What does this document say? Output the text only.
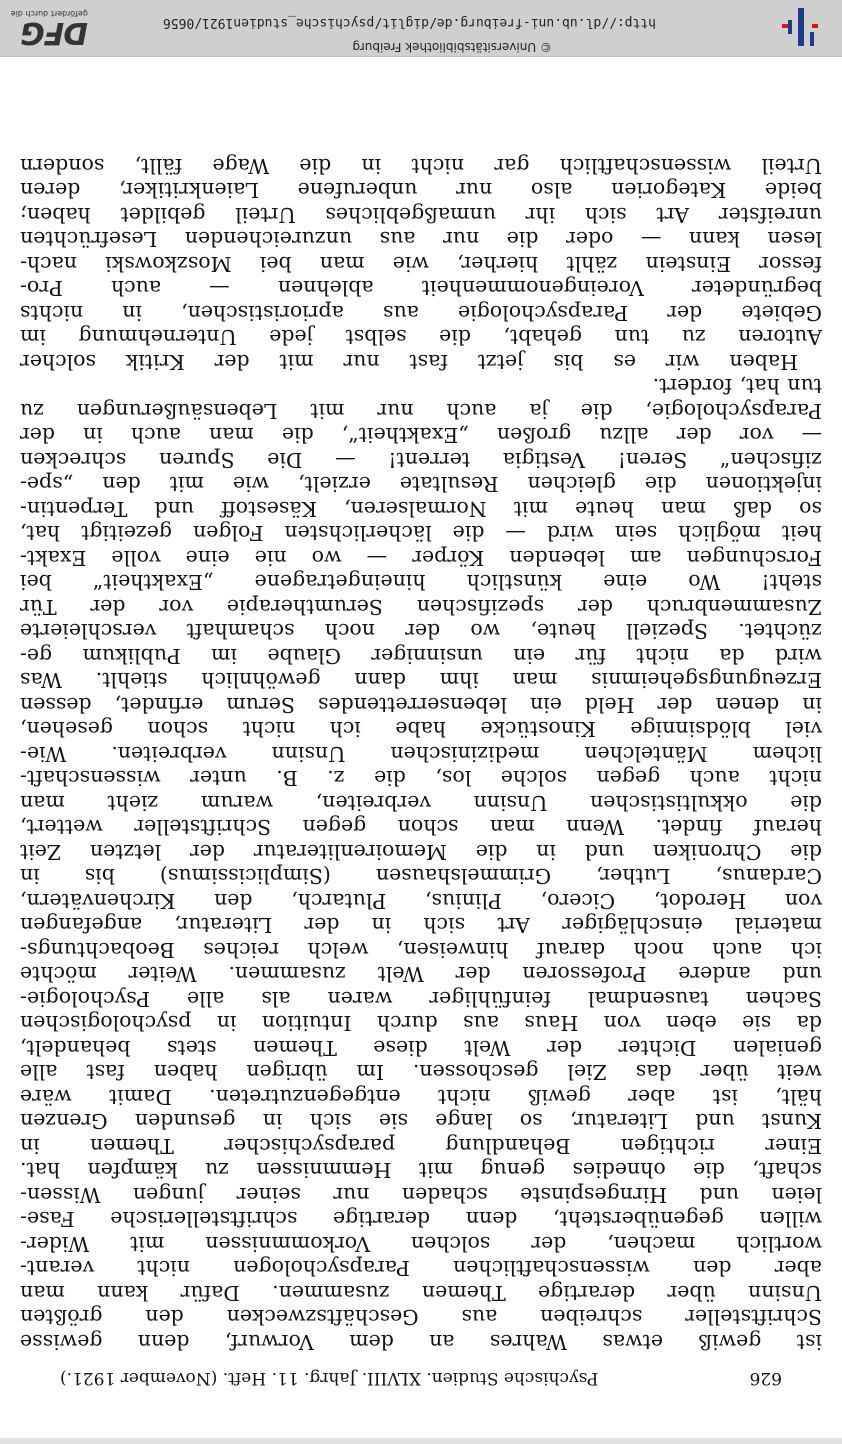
626
Psychische Studien. XLVIII. Jahrg. 11. Heft. (November 1921.)
ist gewiß etwas Wahres an dem Vorwurf, denn gewisse
Schriftsteller schreiben aus Geschäftszwecken den größten
Unsinn über derartige Themen zusammen. Dafür kann man
aber den wissenschaftlichen Parapsychologen nicht verant-
wortlich machen, der solchen Vorkommnissen mit Wider-
willen gegenübersteht, denn derartige schriftstellerische Fase-
leien und Hirngespinste schaden nur seiner jungen Wissen-
schaft, die ohnedies genug mit Hemmnissen zu kämpfen hat.
Einer richtigen Behandlung parapsychischer Themen in
Kunst und Literatur, so lange sie sich in gesunden Grenzen
hält, ist aber gewiß nicht entgegenzutreten. Damit wäre
weit über das Ziel geschossen. Im übrigen haben fast alle
genialen Dichter der Welt diese Themen stets behandelt,
da sie eben von Haus aus durch Intuition in psychologischen
Sachen tausendmal feinfühliger waren als alle Psychologie-
und andere Professoren der Welt zusammen. Weiter möchte
ich auch noch darauf hinweisen, welch reiches Beobachtungs-
material einschlägiger Art sich in der Literatur, angefangen
von Herodot, Cicero, Plinius, Plutarch, den Kirchenvätern,
Cardanus, Luther, Grimmelshausen (Simplicissimus) bis in
die Chroniken und in die Memoirenliteratur der letzten Zeit
herauf findet. Wenn man schon gegen Schriftsteller wettert,
die okkultistischen Unsinn verbreiten, warum zieht man
nicht auch gegen solche los, die z. B. unter wissenschaft-
lichem Mäntelchen medizinischen Unsinn verbreiten. Wie-
viel blödsinnige Kinostücke habe ich nicht schon gesehen,
in denen der Held ein lebenserrettendes Serum erfindet, dessen
Erzeugungsgeheimnis man ihm dann gewöhnlich stiehlt. Was
wird da nicht für ein unsinniger Glaube im Publikum ge-
züchtet. Speziell heute, wo der noch schamhaft verschleierte
Zusammenbruch der spezifischen Serumtherapie vor der Tür
steht! Wo eine künstlich hineingetragene „Exaktheit“ bei
Forschungen am lebenden Körper — wo nie eine volle Exakt-
heit möglich sein wird — die lächerlichsten Folgen gezeitigt hat,
so daß man heute mit Normalseren, Käsestoff und Terpentin-
injektionen die gleichen Resultate erzielt, wie mit den „spe-
zifischen“ Seren! Vestigia terrent! — Die Spuren schrecken
— vor der allzu großen „Exaktheit“, die man auch in der
Parapsychologie, die ja auch nur mit Lebensäußerungen zu
tun hat, fordert.
Haben wir es bis jetzt fast nur mit der Kritik solcher
Autoren zu tun gehabt, die selbst jede Unternehmung im
Gebiete der Parapsychologie aus aprioristischen, in nichts
begründeter Voreingenommenheit ablehnen — auch Pro-
fessor Einstein zählt hierher, wie man bei Moszkowski nach-
lesen kann — oder die nur aus unzureichenden Lesefrüchten
unreifster Art sich ihr unmaßgebliches Urteil gebildet haben;
beide Kategorien also nur unberufene Laienkritiker, deren
Urteil wissenschaftlich gar nicht in die Wage fällt, sondern
© Universitätsbibliothek Freiburg
http://dl.ub.uni-freiburg.de/diglit/psychische_studien1921/0656
DFG
gefördert durch die
